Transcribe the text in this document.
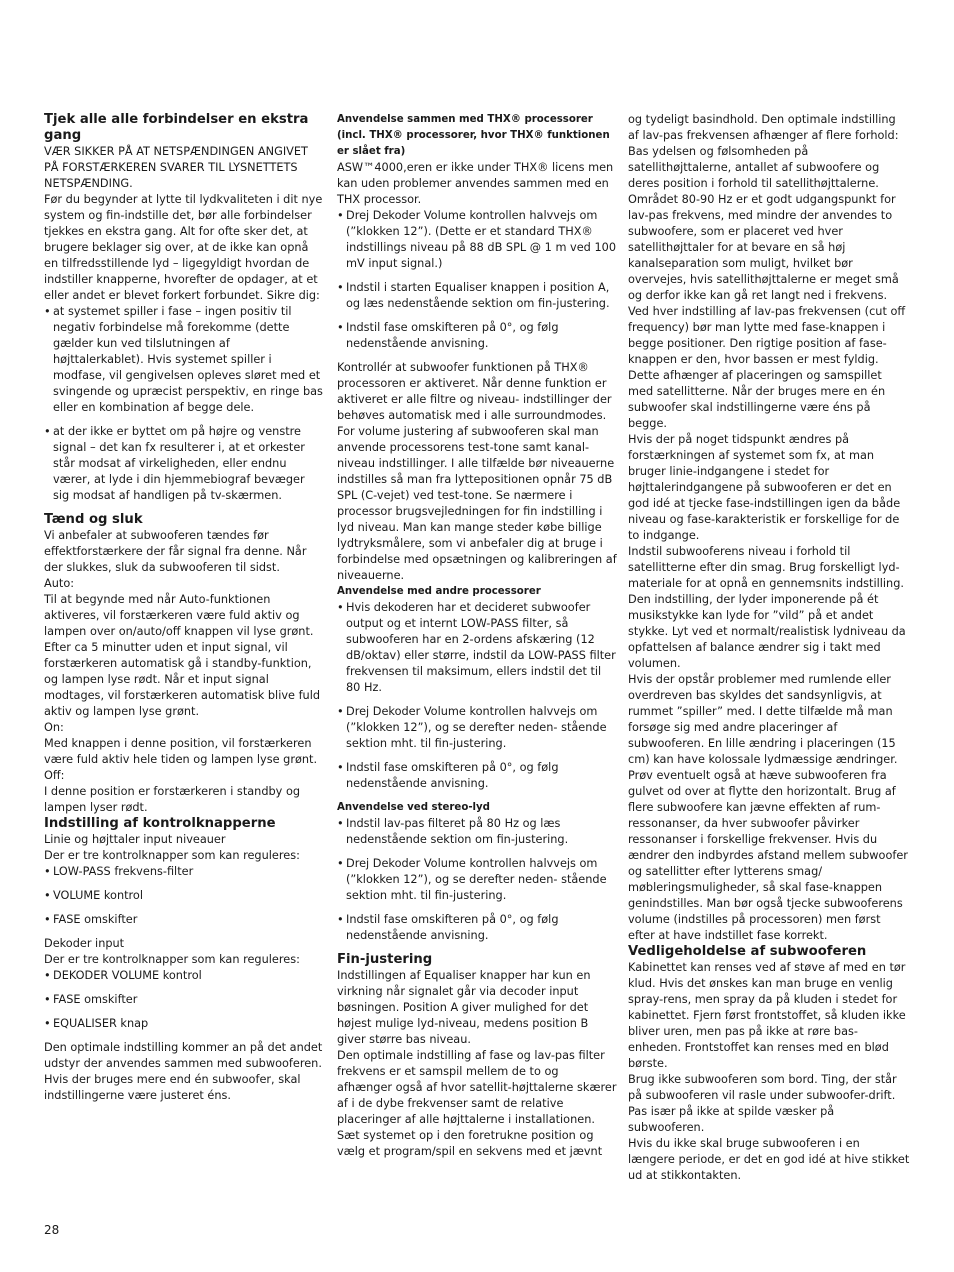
Tjek alle alle forbindelser en ekstra gang

VÆR SIKKER PÅ AT NETSPÆNDINGEN ANGIVET PÅ FORSTÆRKEREN SVARER TIL LYSNETTETS NETSPÆNDING.

Før du begynder at lytte til lydkvaliteten i dit nye system og fin-indstille det, bør alle forbindelser tjekkes en ekstra gang. Alt for ofte sker det, at brugere beklager sig over, at de ikke kan opnå en tilfredsstillende lyd – ligegyldigt hvordan de indstiller knapperne, hvorefter de opdager, at et eller andet er blevet forkert forbundet. Sikre dig:

• at systemet spiller i fase – ingen positiv til negativ forbindelse må forekomme (dette gælder kun ved tilslutningen af højttalerkablet). Hvis systemet spiller i modfase, vil gengivelsen opleves sløret med et svingende og upræcist perspektiv, en ringe bas eller en kombination af begge dele.
• at der ikke er byttet om på højre og venstre signal – det kan fx resulterer i, at et orkester står modsat af virkeligheden, eller endnu værer, at lyde i din hjemmebiograf bevæger sig modsat af handligen på tv-skærmen.
Tænd og sluk

Vi anbefaler at subwooferen tændes før effektforstærkere der får signal fra denne. Når der slukkes, sluk da subwooferen til sidst.

Auto:
Til at begynde med når Auto-funktionen aktiveres, vil forstærkeren være fuld aktiv og lampen over on/auto/off knappen vil lyse grønt. Efter ca 5 minutter uden et input signal, vil forstærkeren automatisk gå i standby-funktion, og lampen lyse rødt. Når et input signal modtages, vil forstærkeren automatisk blive fuld aktiv og lampen lyse grønt.

On:
Med knappen i denne position, vil forstærkeren være fuld aktiv hele tiden og lampen lyse grønt.

Off:
I denne position er forstærkeren i standby og lampen lyser rødt.

Indstilling af kontrolknapperne

Linie og højttaler input niveauer

Der er tre kontrolknapper som kan reguleres:

• LOW-PASS frekvens-filter
• VOLUME kontrol
• FASE omskifter

Dekoder input

Der er tre kontrolknapper som kan reguleres:

• DEKODER VOLUME kontrol
• FASE omskifter
• EQUALISER knap

Den optimale indstilling kommer an på det andet udstyr der anvendes sammen med subwooferen. Hvis der bruges mere end én subwoofer, skal indstillingerne være justeret éns.

Anvendelse sammen med THX® processorer (incl. THX® processorer, hvor THX® funktionen er slået fra)

ASW™4000,eren er ikke under THX® licens men kan uden problemer anvendes sammen med en THX processor.

• Drej Dekoder Volume kontrollen halvvejs om (”klokken 12”). (Dette er et standard THX® indstillings niveau på 88 dB SPL @ 1 m ved 100 mV input signal.)
• Indstil i starten Equaliser knappen i position A, og læs nedenstående sektion om fin-justering.
• Indstil fase omskifteren på 0°, og følg nedenstående anvisning.

Kontrollér at subwoofer funktionen på THX® processoren er aktiveret. Når denne funktion er aktiveret er alle filtre og niveau- indstillinger der behøves automatisk med i alle surroundmodes. For volume justering af subwooferen skal man anvende processorens test-tone samt kanal-niveau indstillinger. I alle tilfælde bør niveauerne indstilles så man fra lyttepositionen opnår 75 dB SPL (C-vejet) ved test-tone. Se nærmere i processor brugsvejledningen for fin indstilling i lyd niveau. Man kan mange steder købe billige lydtryksmålere, som vi anbefaler dig at bruge i forbindelse med opsætningen og kalibreringen af niveauerne.

Anvendelse med andre processorer
• Hvis dekoderen har et decideret subwoofer output og et internt LOW-PASS filter, så subwooferen har en 2-ordens afskæring (12 dB/oktav) eller større, indstil da LOW-PASS filter frekvensen til maksimum, ellers indstil det til 80 Hz.
• Drej Dekoder Volume kontrollen halvvejs om (”klokken 12”), og se derefter neden- stående sektion mht. til fin-justering.
• Indstil fase omskifteren på 0°, og følg nedenstående anvisning.
Anvendelse ved stereo-lyd
• Indstil lav-pas filteret på 80 Hz og læs nedenstående sektion om fin-justering.
• Drej Dekoder Volume kontrollen halvvejs om (”klokken 12”), og se derefter neden- stående sektion mht. til fin-justering.
• Indstil fase omskifteren på 0°, og følg nedenstående anvisning.
Fin-justering

Indstillingen af Equaliser knapper har kun en virkning når signalet går via decoder input bøsningen. Position A giver mulighed for det højest mulige lyd-niveau, medens position B giver større bas niveau.

Den optimale indstilling af fase og lav-pas filter frekvens er et samspil mellem de to og afhænger også af hvor satellit-højttalerne skærer af i de dybe frekvenser samt de relative placeringer af alle højttalerne i installationen.

Sæt systemet op i den foretrukne position og vælg et program/spil en sekvens med et jævnt

og tydeligt basindhold. Den optimale indstilling af lav-pas frekvensen afhænger af flere forhold: Bas ydelsen og følsomheden på satellithøjttalerne, antallet af subwoofere og deres position i forhold til satellithøjttalerne. Området 80-90 Hz er et godt udgangspunkt for lav-pas frekvens, med mindre der anvendes to subwoofere, som er placeret ved hver satellithøjttaler for at bevare en så høj kanalseparation som muligt, hvilket bør overvejes, hvis satellithøjttalerne er meget små og derfor ikke kan gå ret langt ned i frekvens.

Ved hver indstilling af lav-pas frekvensen (cut off frequency) bør man lytte med fase-knappen i begge positioner. Den rigtige position af fase-knappen er den, hvor bassen er mest fyldig. Dette afhænger af placeringen og samspillet med satellitterne. Når der bruges mere en én subwoofer skal indstillingerne være éns på begge.

Hvis der på noget tidspunkt ændres på forstærkningen af systemet som fx, at man bruger linie-indgangene i stedet for højttalerindgangene på subwooferen er det en god idé at tjecke fase-indstillingen igen da både niveau og fase-karakteristik er forskellige for de to indgange.

Indstil subwooferens niveau i forhold til satellitterne efter din smag. Brug forskelligt lyd-materiale for at opnå en gennemsnits indstilling. Den indstilling, der lyder imponerende på ét musikstykke kan lyde for ”vild” på et andet stykke. Lyt ved et normalt/realistisk lydniveau da opfattelsen af balance ændrer sig i takt med volumen.

Hvis der opstår problemer med rumlende eller overdreven bas skyldes det sandsynligvis, at rummet ”spiller” med. I dette tilfælde må man forsøge sig med andre placeringer af subwooferen. En lille ændring i placeringen (15 cm) kan have kolossale lydmæssige ændringer.

Prøv eventuelt også at hæve subwooferen fra gulvet od over at flytte den horizontalt. Brug af flere subwoofere kan jævne effekten af rum-ressonanser, da hver subwoofer påvirker ressonanser i forskellige frekvenser. Hvis du ændrer den indbyrdes afstand mellem subwoofer og satellitter efter lytterens smag/ møbleringsmuligheder, så skal fase-knappen genindstilles. Man bør også tjecke subwooferens volume (indstilles på processoren) men først efter at have indstillet fase korrekt.

Vedligeholdelse af subwooferen

Kabinettet kan renses ved af støve af med en tør klud. Hvis det ønskes kan man bruge en venlig spray-rens, men spray da på kluden i stedet for kabinettet. Fjern først frontstoffet, så kluden ikke bliver uren, men pas på ikke at røre bas-enheden. Frontstoffet kan renses med en blød børste.

Brug ikke subwooferen som bord. Ting, der står på subwooferen vil rasle under subwoofer-drift. Pas især på ikke at spilde væsker på subwooferen.

Hvis du ikke skal bruge subwooferen i en længere periode, er det en god idé at hive stikket ud at stikkontakten.

28
